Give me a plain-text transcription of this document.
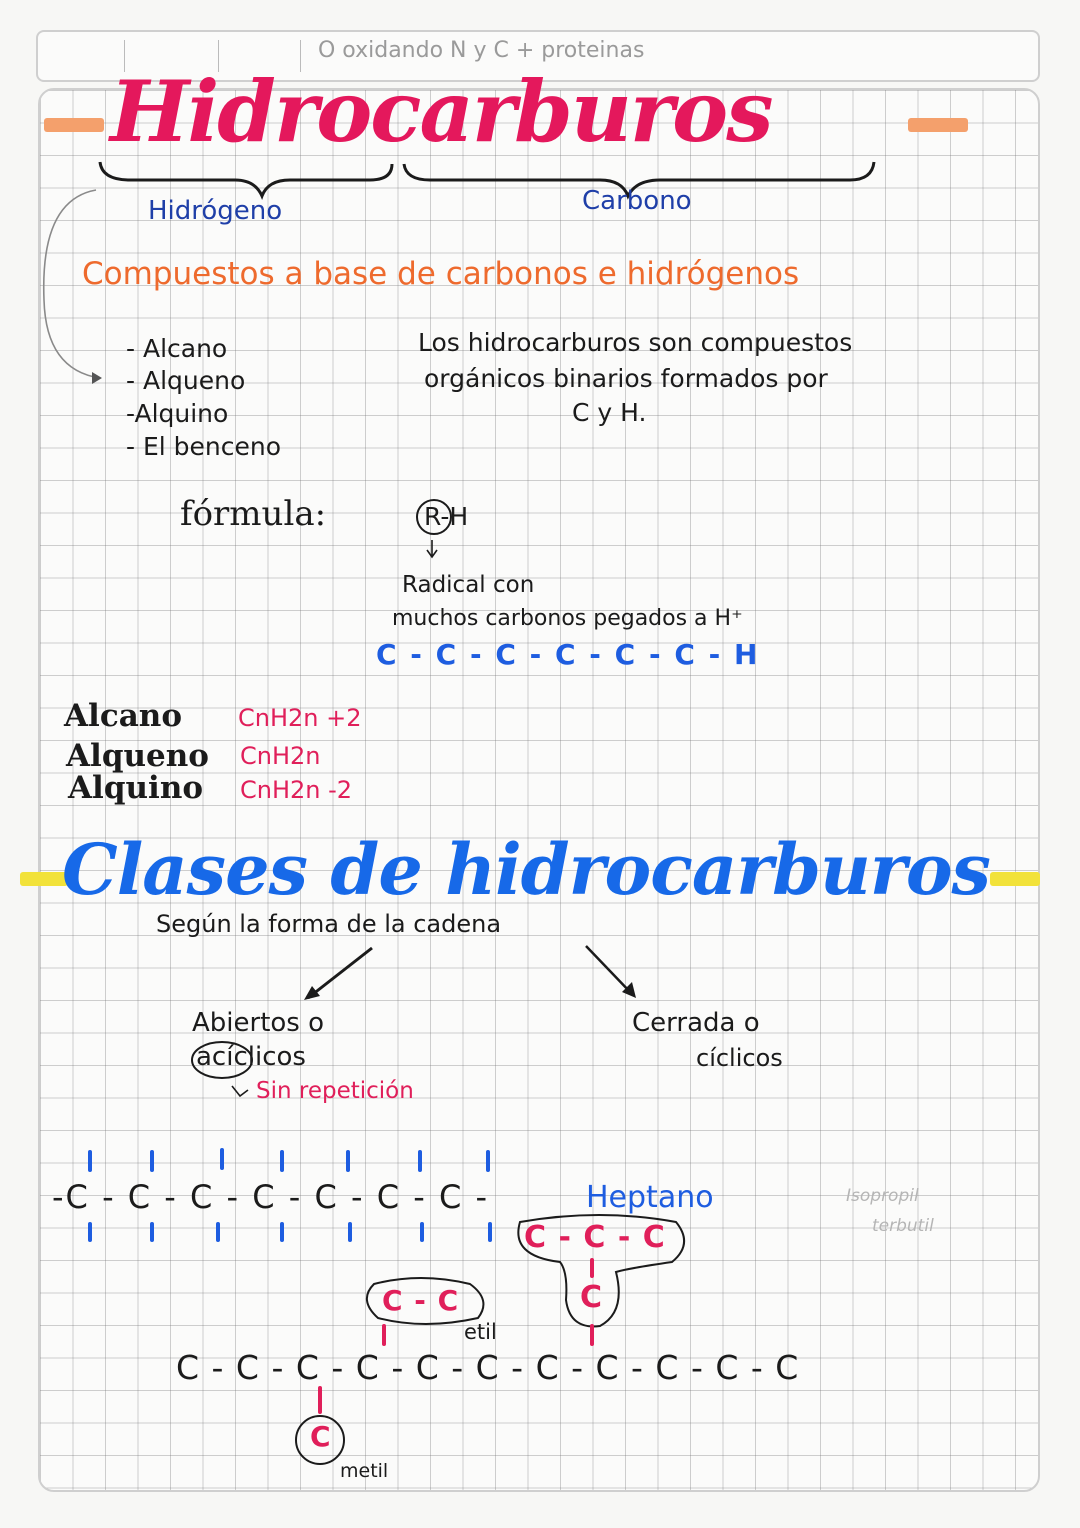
O oxidando N y C + proteinas

Hidrocarburos

Hidrógeno	Carbono

Compuestos a base de carbonos e hidrógenos

- Alcano

- Alqueno

-Alquino

- El benceno

Los hidrocarburos son compuestos

orgánicos binarios formados por

C y H.

fórmula:	R-H

Radical con

muchos carbonos pegados a H⁺

C - C - C - C - C - C - H

Alcano CnH2n +2

Alqueno CnH2n

Alquino CnH2n -2

Clases de hidrocarburos

Según la forma de la cadena

Abiertos o

acíclicos

Sin repetición

Cerrada o

cíclicos

-C - C - C - C - C - C - C -	Heptano	Isopropil

terbutil

C - C - C

C

C - C

etil

C - C - C - C - C - C - C - C - C - C - C

C

metil
